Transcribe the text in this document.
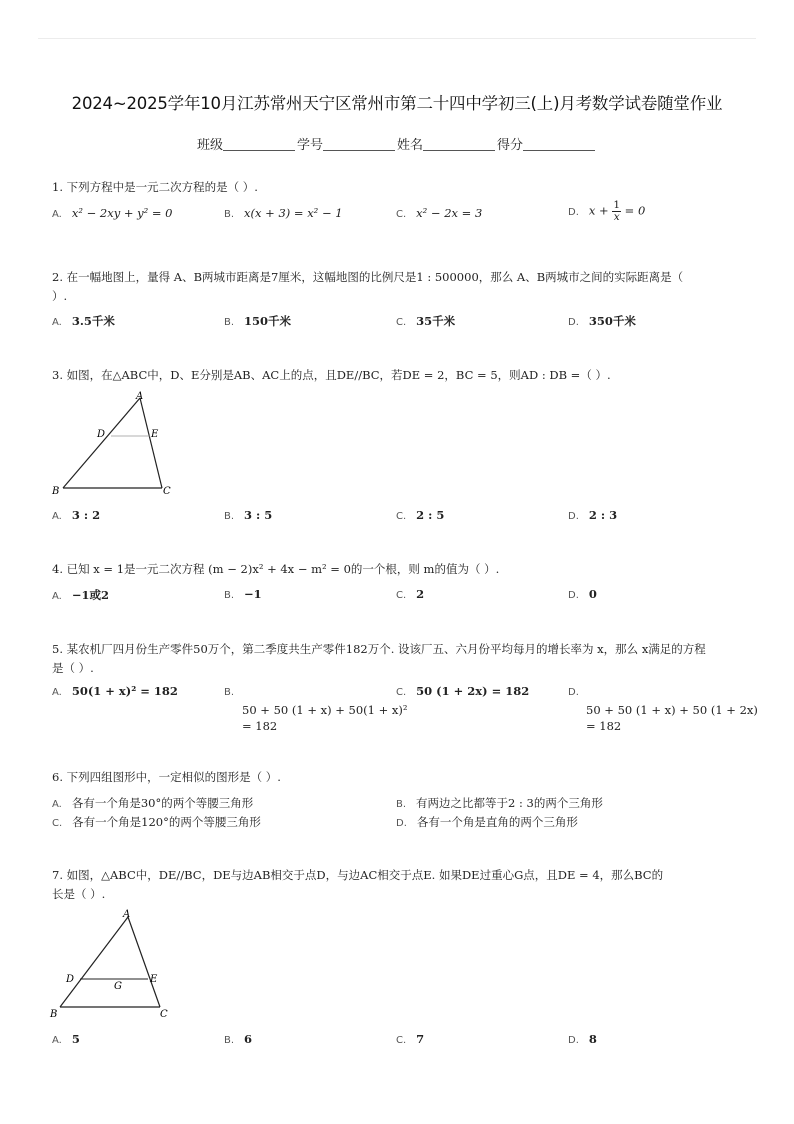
2024~2025学年10月江苏常州天宁区常州市第二十四中学初三(上)月考数学试卷随堂作业
班级	学号	姓名	得分
1. 下列方程中是一元二次方程的是（ ）.
A. x² − 2xy + y² = 0	B. x(x + 3) = x² − 1	C. x² − 2x = 3	D. $x + \frac{1}{x} = 0$
2. 在一幅地图上，量得 A、B两城市距离是7厘米，这幅地图的比例尺是1 : 500000，那么 A、B两城市之间的实际距离是（
）.
A. 3.5千米	B. 150千米	C. 35千米	D. 350千米
3. 如图，在△ABC中，D、E分别是AB、AC上的点，且DE//BC，若DE = 2，BC = 5，则AD : DB =（ ）.
A
B	C
D	E
A. 3 : 2	B. 3 : 5	C. 2 : 5	D. 2 : 3
4. 已知 x = 1是一元二次方程 (m − 2)x² + 4x − m² = 0的一个根，则 m的值为（ ）.
A. −1或2	B. −1	C. 2	D. 0
5. 某农机厂四月份生产零件50万个，第二季度共生产零件182万个. 设该厂五、六月份平均每月的增长率为 x，那么 x满足的方程
是（ ）.
A. 50(1 + x)² = 182	B.
50 + 50 (1 + x) + 50(1 + x)²
= 182
C. 50 (1 + 2x) = 182	D.
50 + 50 (1 + x) + 50 (1 + 2x)
= 182
6. 下列四组图形中，一定相似的图形是（ ）.
A. 各有一个角是30°的两个等腰三角形	B. 有两边之比都等于2 : 3的两个三角形
C. 各有一个角是120°的两个等腰三角形	D. 各有一个角是直角的两个三角形
7. 如图，△ABC中，DE//BC，DE与边AB相交于点D，与边AC相交于点E. 如果DE过重心G点，且DE = 4，那么BC的
长是（ ）.
A
B	C
D	E
G
A. 5	B. 6	C. 7	D. 8
